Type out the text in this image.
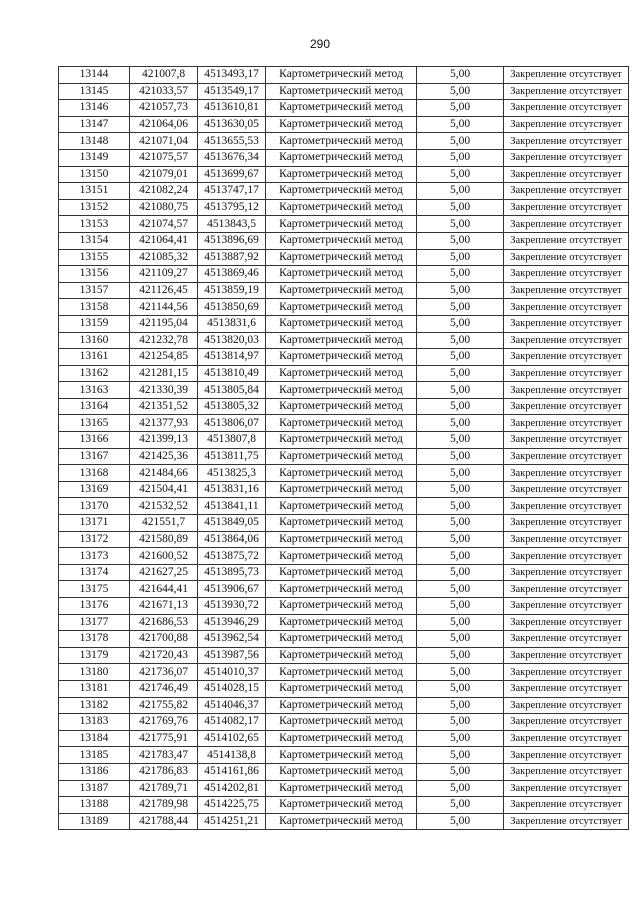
290
13144	421007,8	4513493,17	Картометрический метод	5,00	Закрепление отсутствует
13145	421033,57	4513549,17	Картометрический метод	5,00	Закрепление отсутствует
13146	421057,73	4513610,81	Картометрический метод	5,00	Закрепление отсутствует
13147	421064,06	4513630,05	Картометрический метод	5,00	Закрепление отсутствует
13148	421071,04	4513655,53	Картометрический метод	5,00	Закрепление отсутствует
13149	421075,57	4513676,34	Картометрический метод	5,00	Закрепление отсутствует
13150	421079,01	4513699,67	Картометрический метод	5,00	Закрепление отсутствует
13151	421082,24	4513747,17	Картометрический метод	5,00	Закрепление отсутствует
13152	421080,75	4513795,12	Картометрический метод	5,00	Закрепление отсутствует
13153	421074,57	4513843,5	Картометрический метод	5,00	Закрепление отсутствует
13154	421064,41	4513896,69	Картометрический метод	5,00	Закрепление отсутствует
13155	421085,32	4513887,92	Картометрический метод	5,00	Закрепление отсутствует
13156	421109,27	4513869,46	Картометрический метод	5,00	Закрепление отсутствует
13157	421126,45	4513859,19	Картометрический метод	5,00	Закрепление отсутствует
13158	421144,56	4513850,69	Картометрический метод	5,00	Закрепление отсутствует
13159	421195,04	4513831,6	Картометрический метод	5,00	Закрепление отсутствует
13160	421232,78	4513820,03	Картометрический метод	5,00	Закрепление отсутствует
13161	421254,85	4513814,97	Картометрический метод	5,00	Закрепление отсутствует
13162	421281,15	4513810,49	Картометрический метод	5,00	Закрепление отсутствует
13163	421330,39	4513805,84	Картометрический метод	5,00	Закрепление отсутствует
13164	421351,52	4513805,32	Картометрический метод	5,00	Закрепление отсутствует
13165	421377,93	4513806,07	Картометрический метод	5,00	Закрепление отсутствует
13166	421399,13	4513807,8	Картометрический метод	5,00	Закрепление отсутствует
13167	421425,36	4513811,75	Картометрический метод	5,00	Закрепление отсутствует
13168	421484,66	4513825,3	Картометрический метод	5,00	Закрепление отсутствует
13169	421504,41	4513831,16	Картометрический метод	5,00	Закрепление отсутствует
13170	421532,52	4513841,11	Картометрический метод	5,00	Закрепление отсутствует
13171	421551,7	4513849,05	Картометрический метод	5,00	Закрепление отсутствует
13172	421580,89	4513864,06	Картометрический метод	5,00	Закрепление отсутствует
13173	421600,52	4513875,72	Картометрический метод	5,00	Закрепление отсутствует
13174	421627,25	4513895,73	Картометрический метод	5,00	Закрепление отсутствует
13175	421644,41	4513906,67	Картометрический метод	5,00	Закрепление отсутствует
13176	421671,13	4513930,72	Картометрический метод	5,00	Закрепление отсутствует
13177	421686,53	4513946,29	Картометрический метод	5,00	Закрепление отсутствует
13178	421700,88	4513962,54	Картометрический метод	5,00	Закрепление отсутствует
13179	421720,43	4513987,56	Картометрический метод	5,00	Закрепление отсутствует
13180	421736,07	4514010,37	Картометрический метод	5,00	Закрепление отсутствует
13181	421746,49	4514028,15	Картометрический метод	5,00	Закрепление отсутствует
13182	421755,82	4514046,37	Картометрический метод	5,00	Закрепление отсутствует
13183	421769,76	4514082,17	Картометрический метод	5,00	Закрепление отсутствует
13184	421775,91	4514102,65	Картометрический метод	5,00	Закрепление отсутствует
13185	421783,47	4514138,8	Картометрический метод	5,00	Закрепление отсутствует
13186	421786,83	4514161,86	Картометрический метод	5,00	Закрепление отсутствует
13187	421789,71	4514202,81	Картометрический метод	5,00	Закрепление отсутствует
13188	421789,98	4514225,75	Картометрический метод	5,00	Закрепление отсутствует
13189	421788,44	4514251,21	Картометрический метод	5,00	Закрепление отсутствует
